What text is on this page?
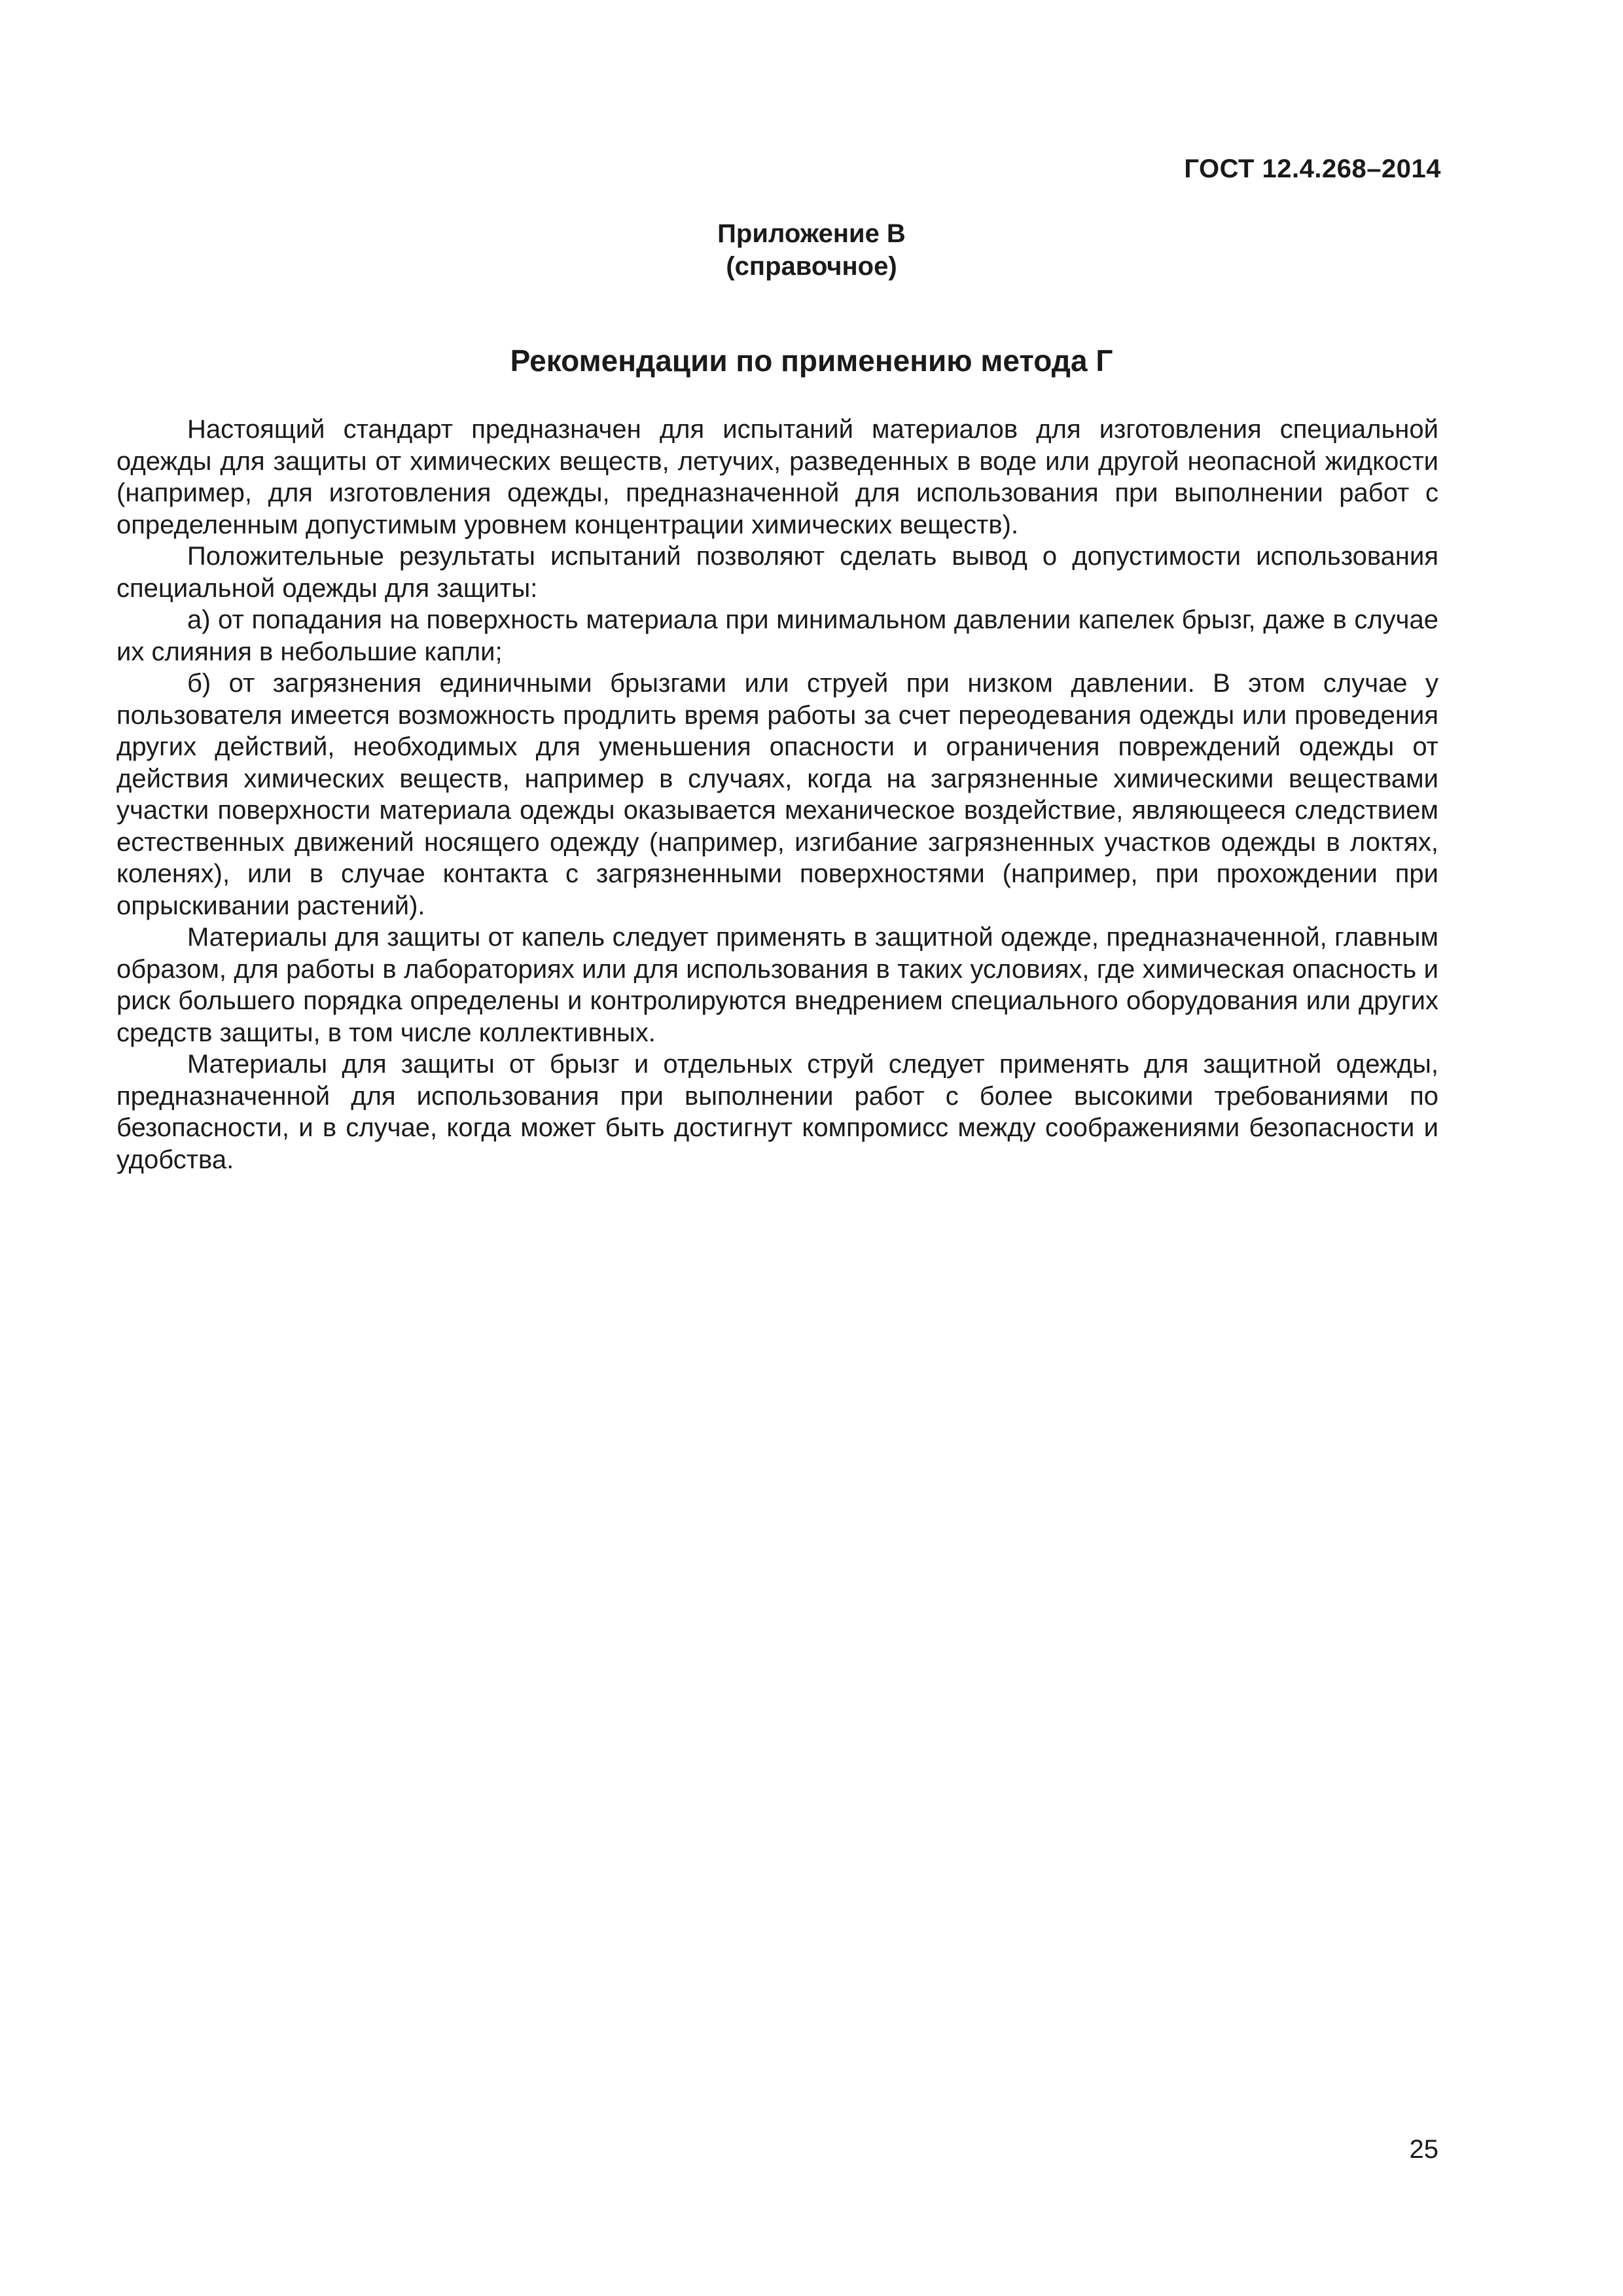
ГОСТ 12.4.268–2014
Приложение В
(справочное)
Рекомендации по применению метода Г

Настоящий стандарт предназначен для испытаний материалов для изготовления специальной одежды для защиты от химических веществ, летучих, разведенных в воде или другой неопасной жидкости (например, для изготовления одежды, предназначенной для использования при выполнении работ с определенным допустимым уровнем концентрации химических веществ).

Положительные результаты испытаний позволяют сделать вывод о допустимости использования специальной одежды для защиты:

а) от попадания на поверхность материала при минимальном давлении капелек брызг, даже в случае их слияния в небольшие капли;

б) от загрязнения единичными брызгами или струей при низком давлении. В этом случае у пользователя имеется возможность продлить время работы за счет переодевания одежды или проведения других действий, необходимых для уменьшения опасности и ограничения повреждений одежды от действия химических веществ, например в случаях, когда на загрязненные химическими веществами участки поверхности материала одежды оказывается механическое воздействие, являющееся следствием естественных движений носящего одежду (например, изгибание загрязненных участков одежды в локтях, коленях), или в случае контакта с загрязненными поверхностями (например, при прохождении при опрыскивании растений).

Материалы для защиты от капель следует применять в защитной одежде, предназначенной, главным образом, для работы в лабораториях или для использования в таких условиях, где химическая опасность и риск большего порядка определены и контролируются внедрением специального оборудования или других средств защиты, в том числе коллективных.

Материалы для защиты от брызг и отдельных струй следует применять для защитной одежды, предназначенной для использования при выполнении работ с более высокими требованиями по безопасности, и в случае, когда может быть достигнут компромисс между соображениями безопасности и удобства.

25
